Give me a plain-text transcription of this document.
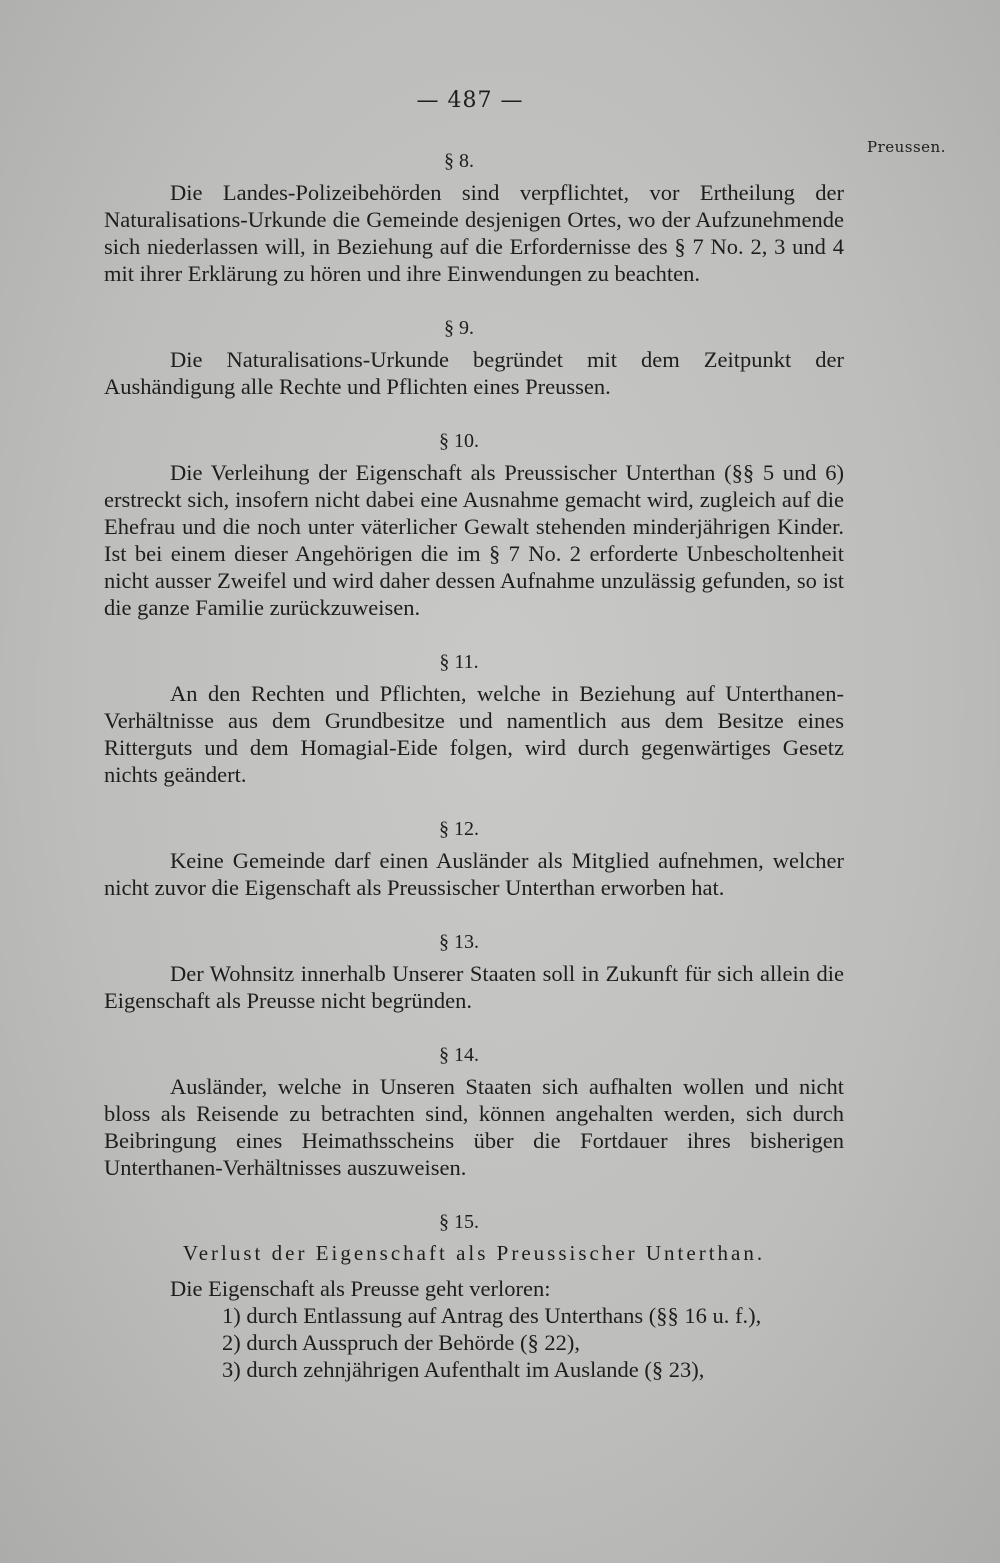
— 487 —
Preussen.
§ 8.

Die Landes-Polizeibehörden sind verpflichtet, vor Ertheilung der Naturalisations-Urkunde die Gemeinde desjenigen Ortes, wo der Aufzunehmende sich niederlassen will, in Beziehung auf die Erfordernisse des § 7 No. 2, 3 und 4 mit ihrer Erklärung zu hören und ihre Einwendungen zu beachten.

§ 9.

Die Naturalisations-Urkunde begründet mit dem Zeitpunkt der Aushändigung alle Rechte und Pflichten eines Preussen.

§ 10.

Die Verleihung der Eigenschaft als Preussischer Unterthan (§§ 5 und 6) erstreckt sich, insofern nicht dabei eine Ausnahme gemacht wird, zugleich auf die Ehefrau und die noch unter väterlicher Gewalt stehenden minderjährigen Kinder. Ist bei einem dieser Angehörigen die im § 7 No. 2 erforderte Unbescholtenheit nicht ausser Zweifel und wird daher dessen Aufnahme unzulässig gefunden, so ist die ganze Familie zurückzuweisen.

§ 11.

An den Rechten und Pflichten, welche in Beziehung auf Unterthanen-Verhältnisse aus dem Grundbesitze und namentlich aus dem Besitze eines Ritterguts und dem Homagial-Eide folgen, wird durch gegenwärtiges Gesetz nichts geändert.

§ 12.

Keine Gemeinde darf einen Ausländer als Mitglied aufnehmen, welcher nicht zuvor die Eigenschaft als Preussischer Unterthan erworben hat.

§ 13.

Der Wohnsitz innerhalb Unserer Staaten soll in Zukunft für sich allein die Eigenschaft als Preusse nicht begründen.

§ 14.

Ausländer, welche in Unseren Staaten sich aufhalten wollen und nicht bloss als Reisende zu betrachten sind, können angehalten werden, sich durch Beibringung eines Heimathsscheins über die Fortdauer ihres bisherigen Unterthanen-Verhältnisses auszuweisen.

§ 15.
Verlust der Eigenschaft als Preussischer Unterthan.

Die Eigenschaft als Preusse geht verloren:

1) durch Entlassung auf Antrag des Unterthans (§§ 16 u. f.),
2) durch Ausspruch der Behörde (§ 22),
3) durch zehnjährigen Aufenthalt im Auslande (§ 23),
